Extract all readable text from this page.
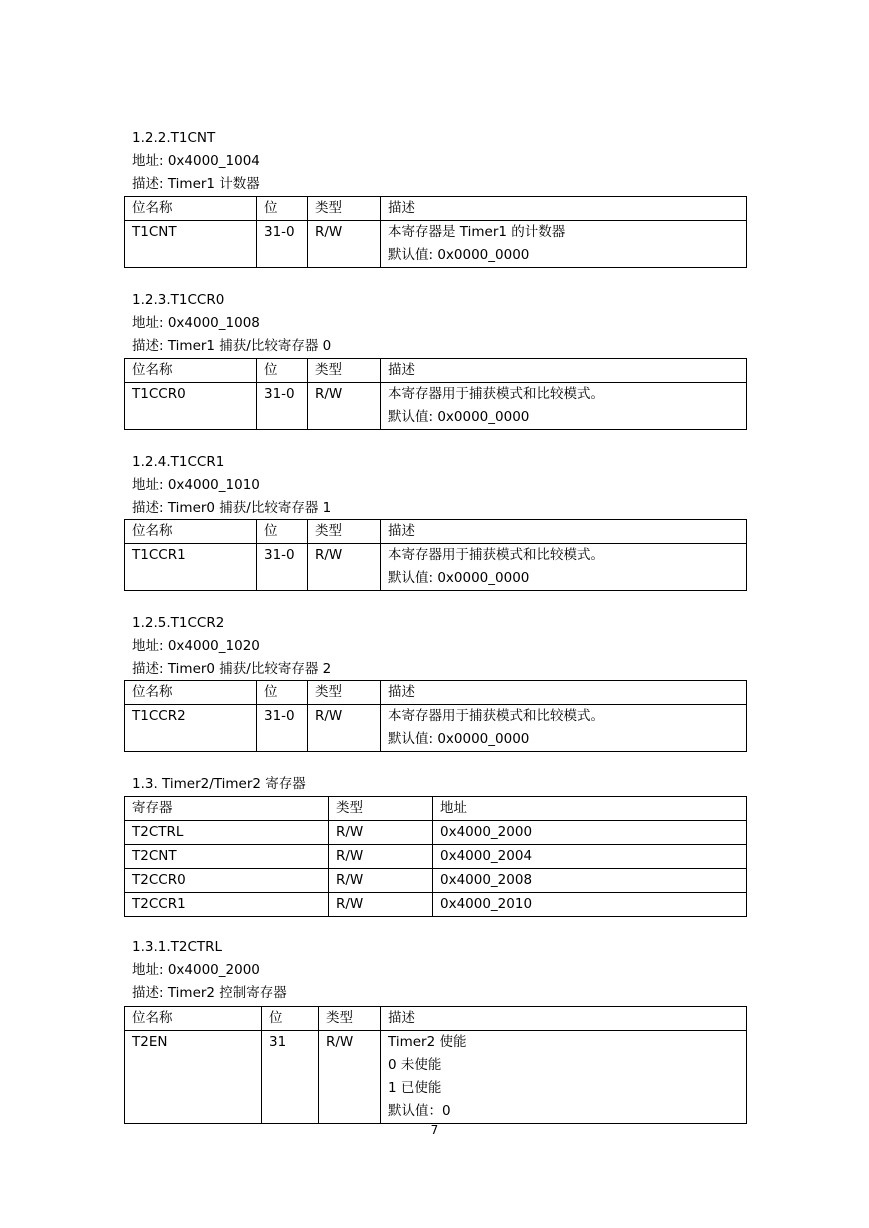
1.2.2.T1CNT
地址: 0x4000_1004
描述: Timer1 计数器
位名称	位	类型	描述
T1CNT	31-0	R/W	本寄存器是 Timer1 的计数器
默认值: 0x0000_0000
1.2.3.T1CCR0
地址: 0x4000_1008
描述: Timer1 捕获/比较寄存器 0
位名称	位	类型	描述
T1CCR0	31-0	R/W	本寄存器用于捕获模式和比较模式。
默认值: 0x0000_0000
1.2.4.T1CCR1
地址: 0x4000_1010
描述: Timer0 捕获/比较寄存器 1
位名称	位	类型	描述
T1CCR1	31-0	R/W	本寄存器用于捕获模式和比较模式。
默认值: 0x0000_0000
1.2.5.T1CCR2
地址: 0x4000_1020
描述: Timer0 捕获/比较寄存器 2
位名称	位	类型	描述
T1CCR2	31-0	R/W	本寄存器用于捕获模式和比较模式。
默认值: 0x0000_0000
1.3. Timer2/Timer2 寄存器
寄存器	类型	地址
T2CTRL	R/W	0x4000_2000
T2CNT	R/W	0x4000_2004
T2CCR0	R/W	0x4000_2008
T2CCR1	R/W	0x4000_2010
1.3.1.T2CTRL
地址: 0x4000_2000
描述: Timer2 控制寄存器
位名称	位	类型	描述
T2EN	31	R/W	Timer2 使能
0 未使能
1 已使能
默认值：0
7
